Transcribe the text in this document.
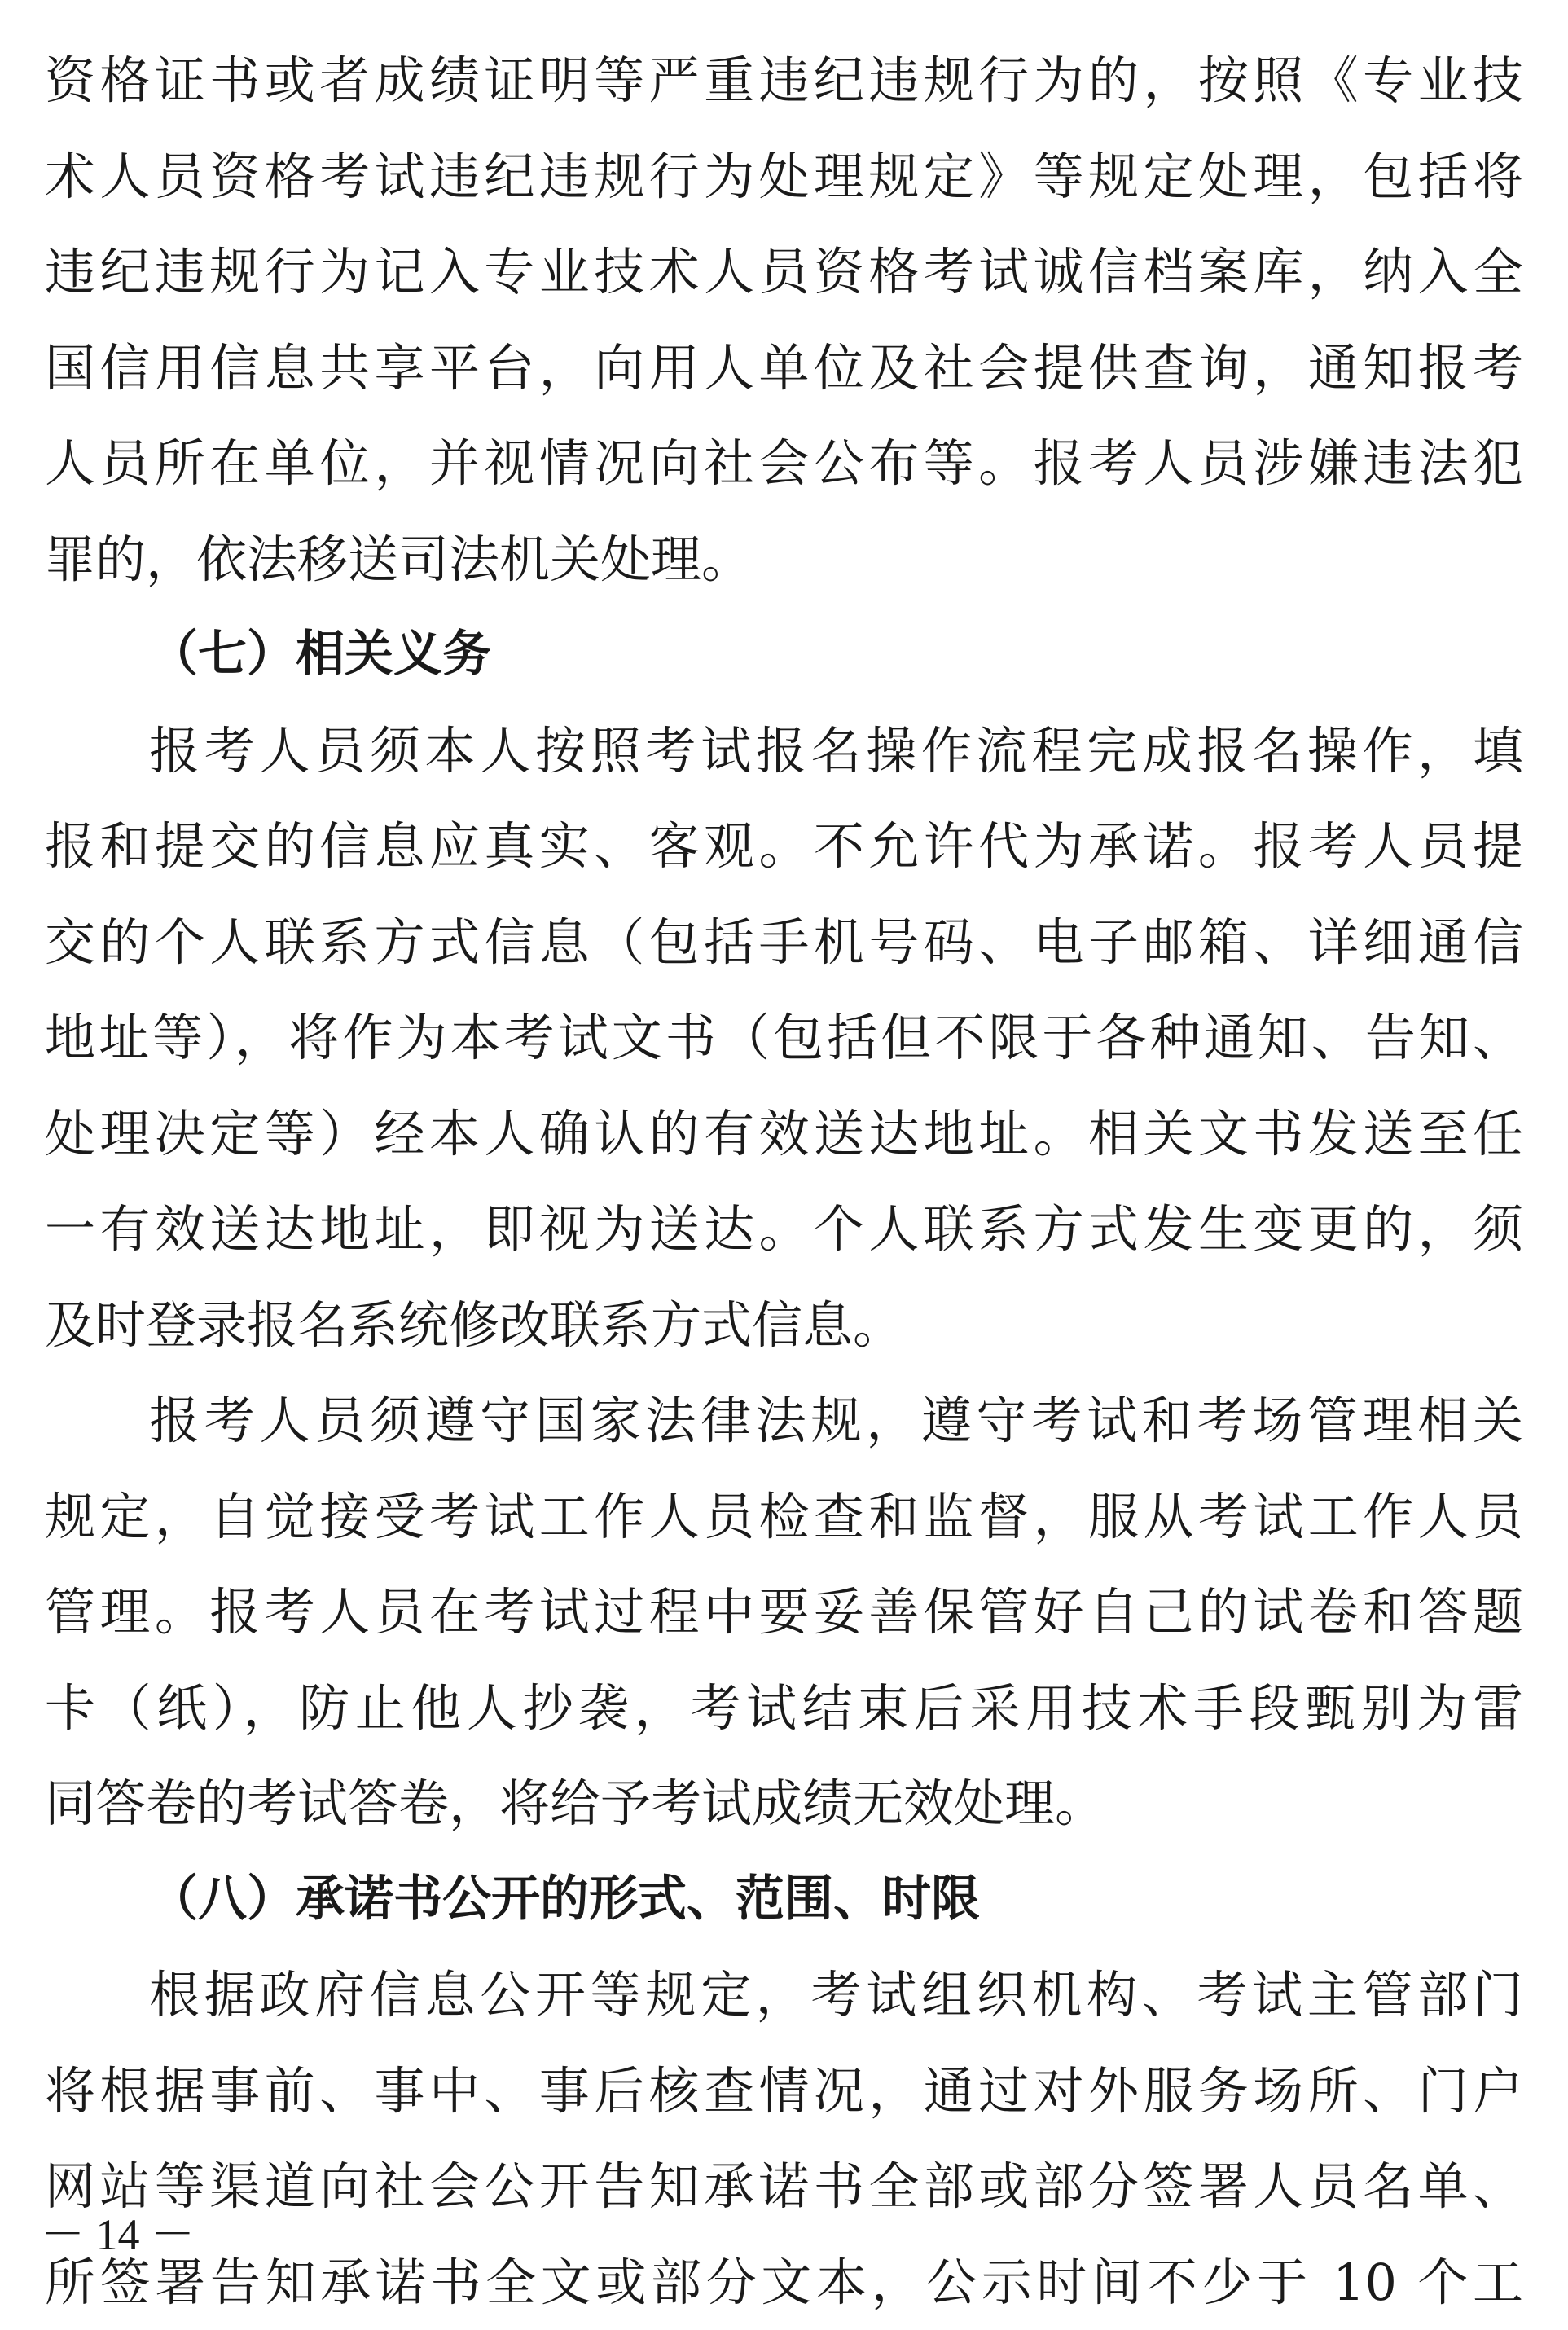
资格证书或者成绩证明等严重违纪违规行为的，按照《专业技
术人员资格考试违纪违规行为处理规定》等规定处理，包括将
违纪违规行为记入专业技术人员资格考试诚信档案库，纳入全
国信用信息共享平台，向用人单位及社会提供查询，通知报考
人员所在单位，并视情况向社会公布等。报考人员涉嫌违法犯
罪的，依法移送司法机关处理。
（七）相关义务
报考人员须本人按照考试报名操作流程完成报名操作，填
报和提交的信息应真实、客观。不允许代为承诺。报考人员提
交的个人联系方式信息（包括手机号码、电子邮箱、详细通信
地址等），将作为本考试文书（包括但不限于各种通知、告知、
处理决定等）经本人确认的有效送达地址。相关文书发送至任
一有效送达地址，即视为送达。个人联系方式发生变更的，须
及时登录报名系统修改联系方式信息。
报考人员须遵守国家法律法规，遵守考试和考场管理相关
规定，自觉接受考试工作人员检查和监督，服从考试工作人员
管理。报考人员在考试过程中要妥善保管好自己的试卷和答题
卡（纸），防止他人抄袭，考试结束后采用技术手段甄别为雷
同答卷的考试答卷，将给予考试成绩无效处理。
（八）承诺书公开的形式、范围、时限
根据政府信息公开等规定，考试组织机构、考试主管部门
将根据事前、事中、事后核查情况，通过对外服务场所、门户
网站等渠道向社会公开告知承诺书全部或部分签署人员名单、
所签署告知承诺书全文或部分文本，公示时间不少于 10 个工
－ 14 －
